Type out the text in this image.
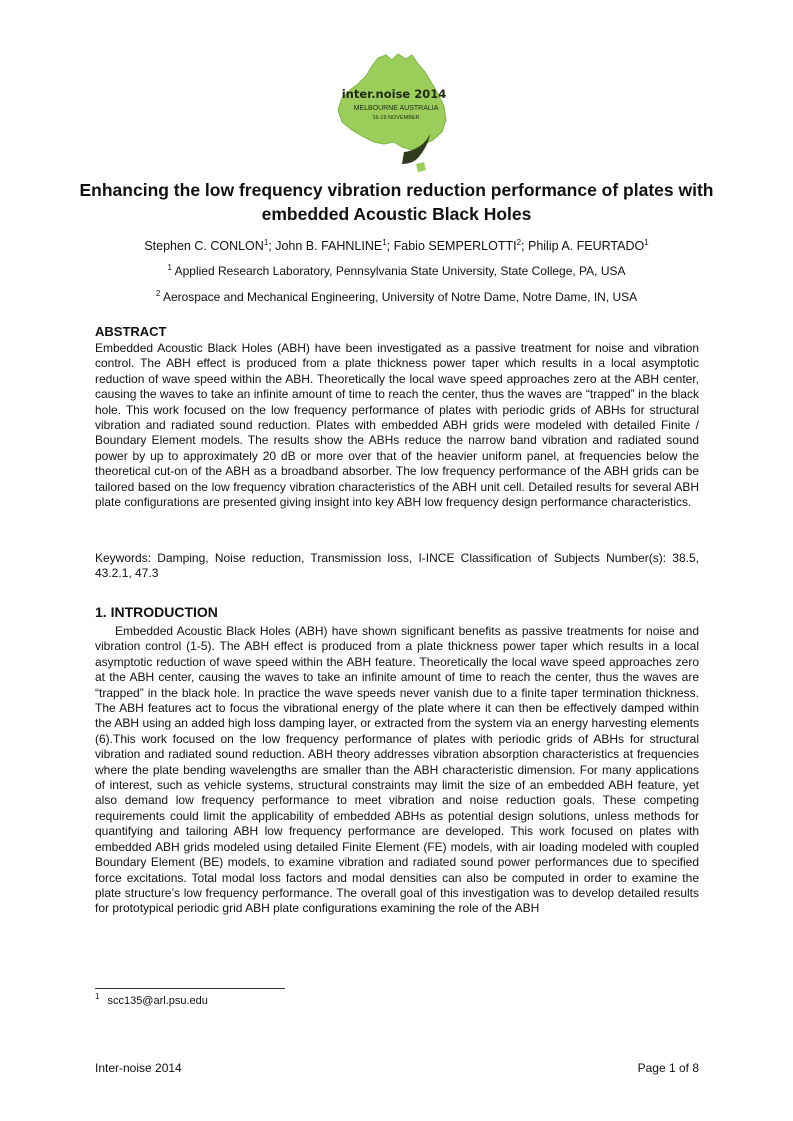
inter.noise 2014
MELBOURNE AUSTRALIA
16-19 NOVEMBER
Enhancing the low frequency vibration reduction performance of plates with embedded Acoustic Black Holes
Stephen C. CONLON$^1$; John B. FAHNLINE$^1$; Fabio SEMPERLOTTI$^2$; Philip A. FEURTADO$^1$
$^1$ Applied Research Laboratory, Pennsylvania State University, State College, PA, USA
$^2$ Aerospace and Mechanical Engineering, University of Notre Dame, Notre Dame, IN, USA
ABSTRACT

Embedded Acoustic Black Holes (ABH) have been investigated as a passive treatment for noise and vibration control. The ABH effect is produced from a plate thickness power taper which results in a local asymptotic reduction of wave speed within the ABH. Theoretically the local wave speed approaches zero at the ABH center, causing the waves to take an infinite amount of time to reach the center, thus the waves are “trapped” in the black hole. This work focused on the low frequency performance of plates with periodic grids of ABHs for structural vibration and radiated sound reduction. Plates with embedded ABH grids were modeled with detailed Finite / Boundary Element models. The results show the ABHs reduce the narrow band vibration and radiated sound power by up to approximately 20 dB or more over that of the heavier uniform panel, at frequencies below the theoretical cut-on of the ABH as a broadband absorber. The low frequency performance of the ABH grids can be tailored based on the low frequency vibration characteristics of the ABH unit cell. Detailed results for several ABH plate configurations are presented giving insight into key ABH low frequency design performance characteristics.

Keywords: Damping, Noise reduction, Transmission loss, I-INCE Classification of Subjects Number(s): 38.5, 43.2.1, 47.3

1. INTRODUCTION

Embedded Acoustic Black Holes (ABH) have shown significant benefits as passive treatments for noise and vibration control (1-5). The ABH effect is produced from a plate thickness power taper which results in a local asymptotic reduction of wave speed within the ABH feature. Theoretically the local wave speed approaches zero at the ABH center, causing the waves to take an infinite amount of time to reach the center, thus the waves are “trapped” in the black hole. In practice the wave speeds never vanish due to a finite taper termination thickness. The ABH features act to focus the vibrational energy of the plate where it can then be effectively damped within the ABH using an added high loss damping layer, or extracted from the system via an energy harvesting elements (6).This work focused on the low frequency performance of plates with periodic grids of ABHs for structural vibration and radiated sound reduction. ABH theory addresses vibration absorption characteristics at frequencies where the plate bending wavelengths are smaller than the ABH characteristic dimension. For many applications of interest, such as vehicle systems, structural constraints may limit the size of an embedded ABH feature, yet also demand low frequency performance to meet vibration and noise reduction goals. These competing requirements could limit the applicability of embedded ABHs as potential design solutions, unless methods for quantifying and tailoring ABH low frequency performance are developed. This work focused on plates with embedded ABH grids modeled using detailed Finite Element (FE) models, with air loading modeled with coupled Boundary Element (BE) models, to examine vibration and radiated sound power performances due to specified force excitations. Total modal loss factors and modal densities can also be computed in order to examine the plate structure’s low frequency performance. The overall goal of this investigation was to develop detailed results for prototypical periodic grid ABH plate configurations examining the role of the ABH

$^1$ scc135@arl.psu.edu
Inter-noise 2014	Page 1 of 8
